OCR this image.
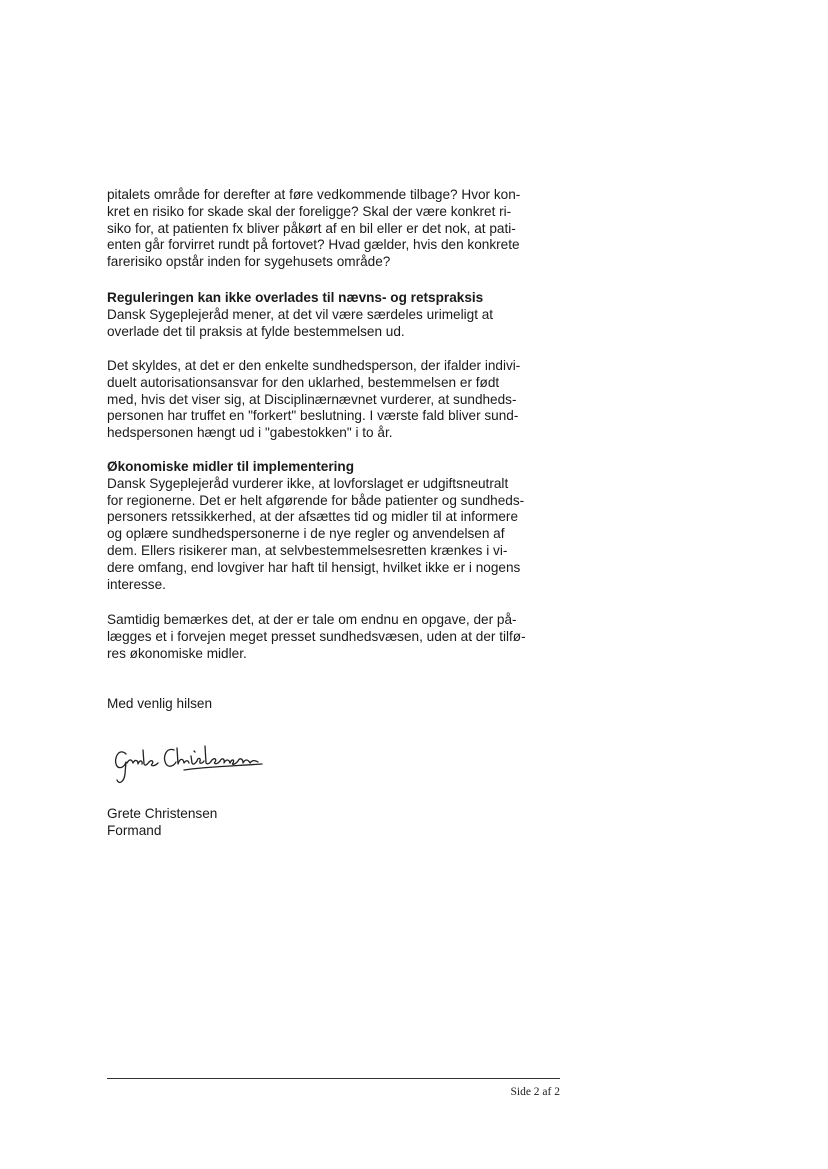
pitalets område for derefter at føre vedkommende tilbage? Hvor kon-
kret en risiko for skade skal der foreligge? Skal der være konkret ri-
siko for, at patienten fx bliver påkørt af en bil eller er det nok, at pati-
enten går forvirret rundt på fortovet? Hvad gælder, hvis den konkrete
farerisiko opstår inden for sygehusets område?

Reguleringen kan ikke overlades til nævns- og retspraksis
Dansk Sygeplejeråd mener, at det vil være særdeles urimeligt at
overlade det til praksis at fylde bestemmelsen ud.

Det skyldes, at det er den enkelte sundhedsperson, der ifalder indivi-
duelt autorisationsansvar for den uklarhed, bestemmelsen er født
med, hvis det viser sig, at Disciplinærnævnet vurderer, at sundheds-
personen har truffet en "forkert" beslutning. I værste fald bliver sund-
hedspersonen hængt ud i "gabestokken" i to år.

Økonomiske midler til implementering
Dansk Sygeplejeråd vurderer ikke, at lovforslaget er udgiftsneutralt
for regionerne. Det er helt afgørende for både patienter og sundheds-
personers retssikkerhed, at der afsættes tid og midler til at informere
og oplære sundhedspersonerne i de nye regler og anvendelsen af
dem. Ellers risikerer man, at selvbestemmelsesretten krænkes i vi-
dere omfang, end lovgiver har haft til hensigt, hvilket ikke er i nogens
interesse.

Samtidig bemærkes det, at der er tale om endnu en opgave, der på-
lægges et i forvejen meget presset sundhedsvæsen, uden at der tilfø-
res økonomiske midler.

Med venlig hilsen

Grete Christensen
Formand

Side 2 af 2
